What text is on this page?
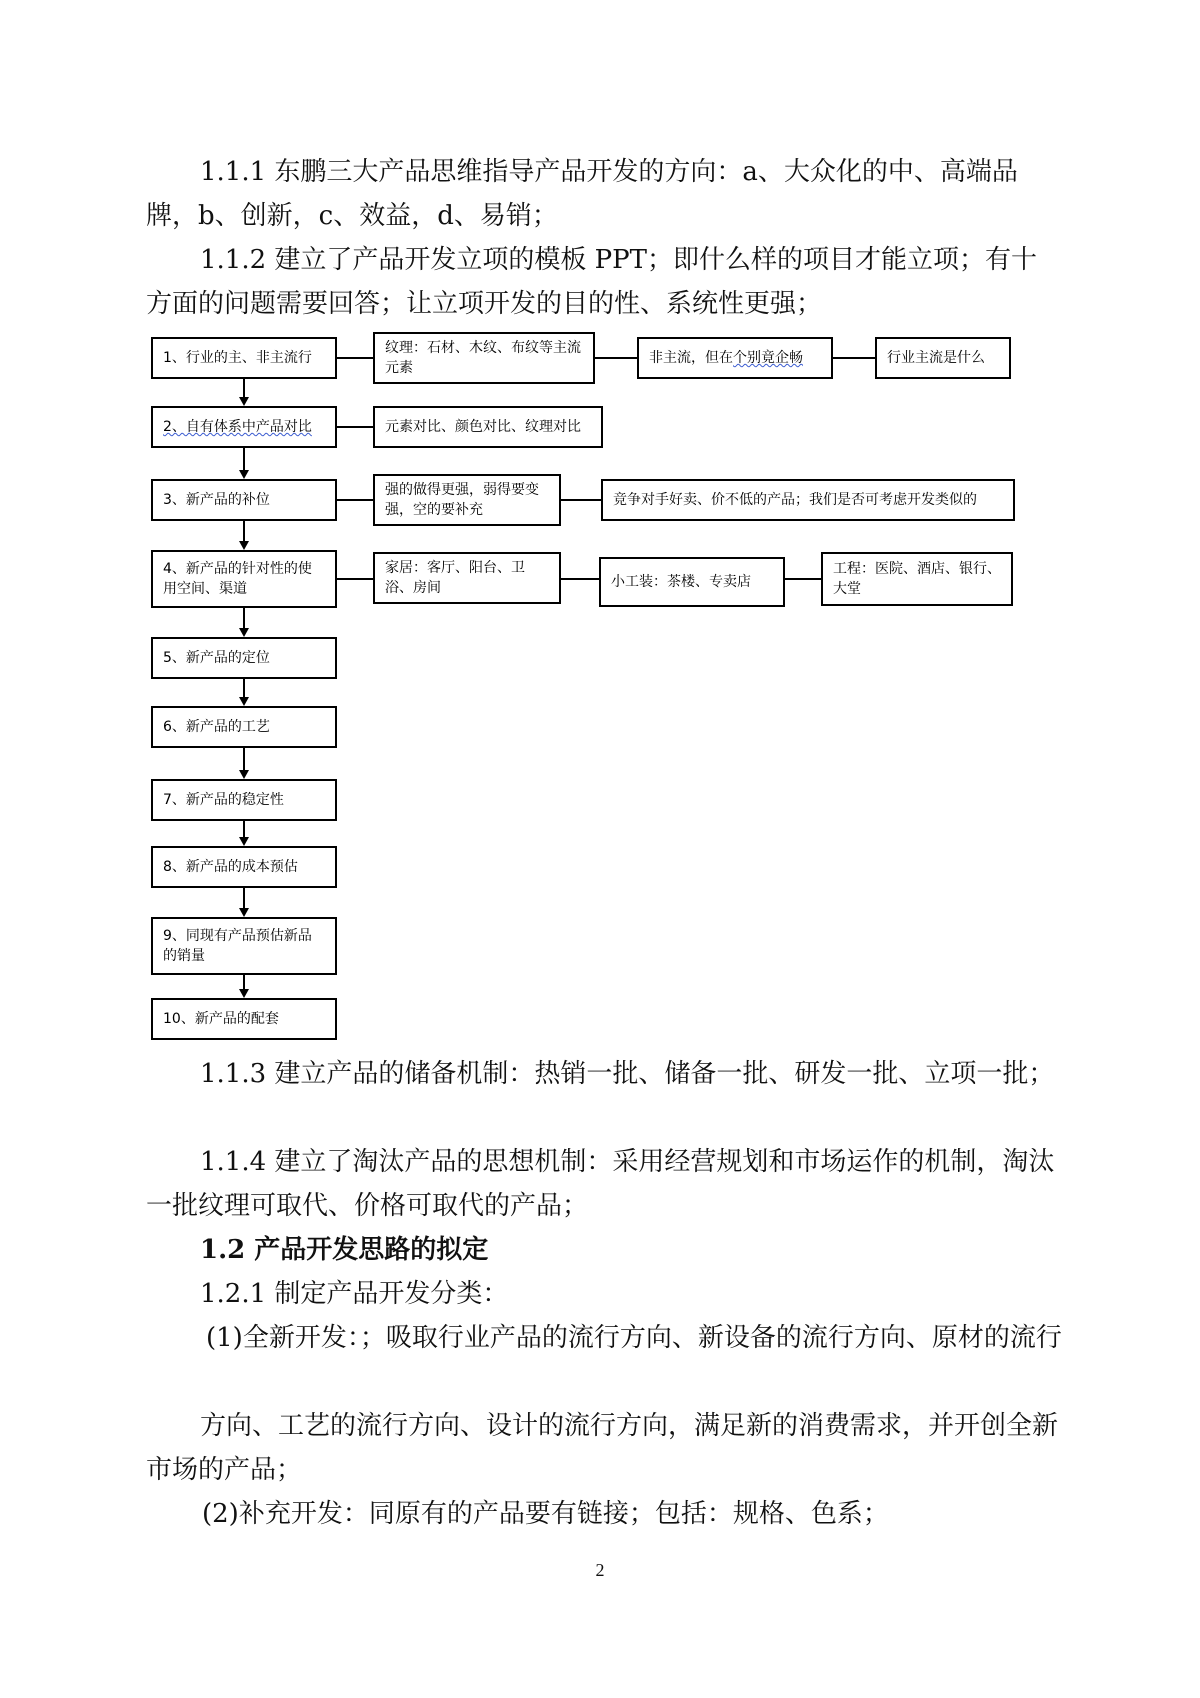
1.1.1 东鹏三大产品思维指导产品开发的方向：a、大众化的中、高端品牌，b、创新，c、效益，d、易销；

1.1.2 建立了产品开发立项的模板 PPT；即什么样的项目才能立项；有十方面的问题需要回答；让立项开发的目的性、系统性更强；

1、行业的主、非主流行
2、自有体系中产品对比
3、新产品的补位
4、新产品的针对性的使用空间、渠道
5、新产品的定位
6、新产品的工艺
7、新产品的稳定性
8、新产品的成本预估
9、同现有产品预估新品的销量
10、新产品的配套
纹理：石材、木纹、布纹等主流元素
非主流，但在个别竟企畅	行业主流是什么
元素对比、颜色对比、纹理对比
强的做得更强，弱得要变强，空的要补充
竞争对手好卖、价不低的产品；我们是否可考虑开发类似的
家居：客厅、阳台、卫浴、房间	小工装：茶楼、专卖店
工程：医院、酒店、银行、大堂

1.1.3 建立产品的储备机制：热销一批、储备一批、研发一批、立项一批；

1.1.4 建立了淘汰产品的思想机制：采用经营规划和市场运作的机制，淘汰一批纹理可取代、价格可取代的产品；

1.2 产品开发思路的拟定

1.2.1 制定产品开发分类：

(1)全新开发：；吸取行业产品的流行方向、新设备的流行方向、原材的流行

方向、工艺的流行方向、设计的流行方向，满足新的消费需求，并开创全新市场的产品；

(2)补充开发：同原有的产品要有链接；包括：规格、色系；

2
